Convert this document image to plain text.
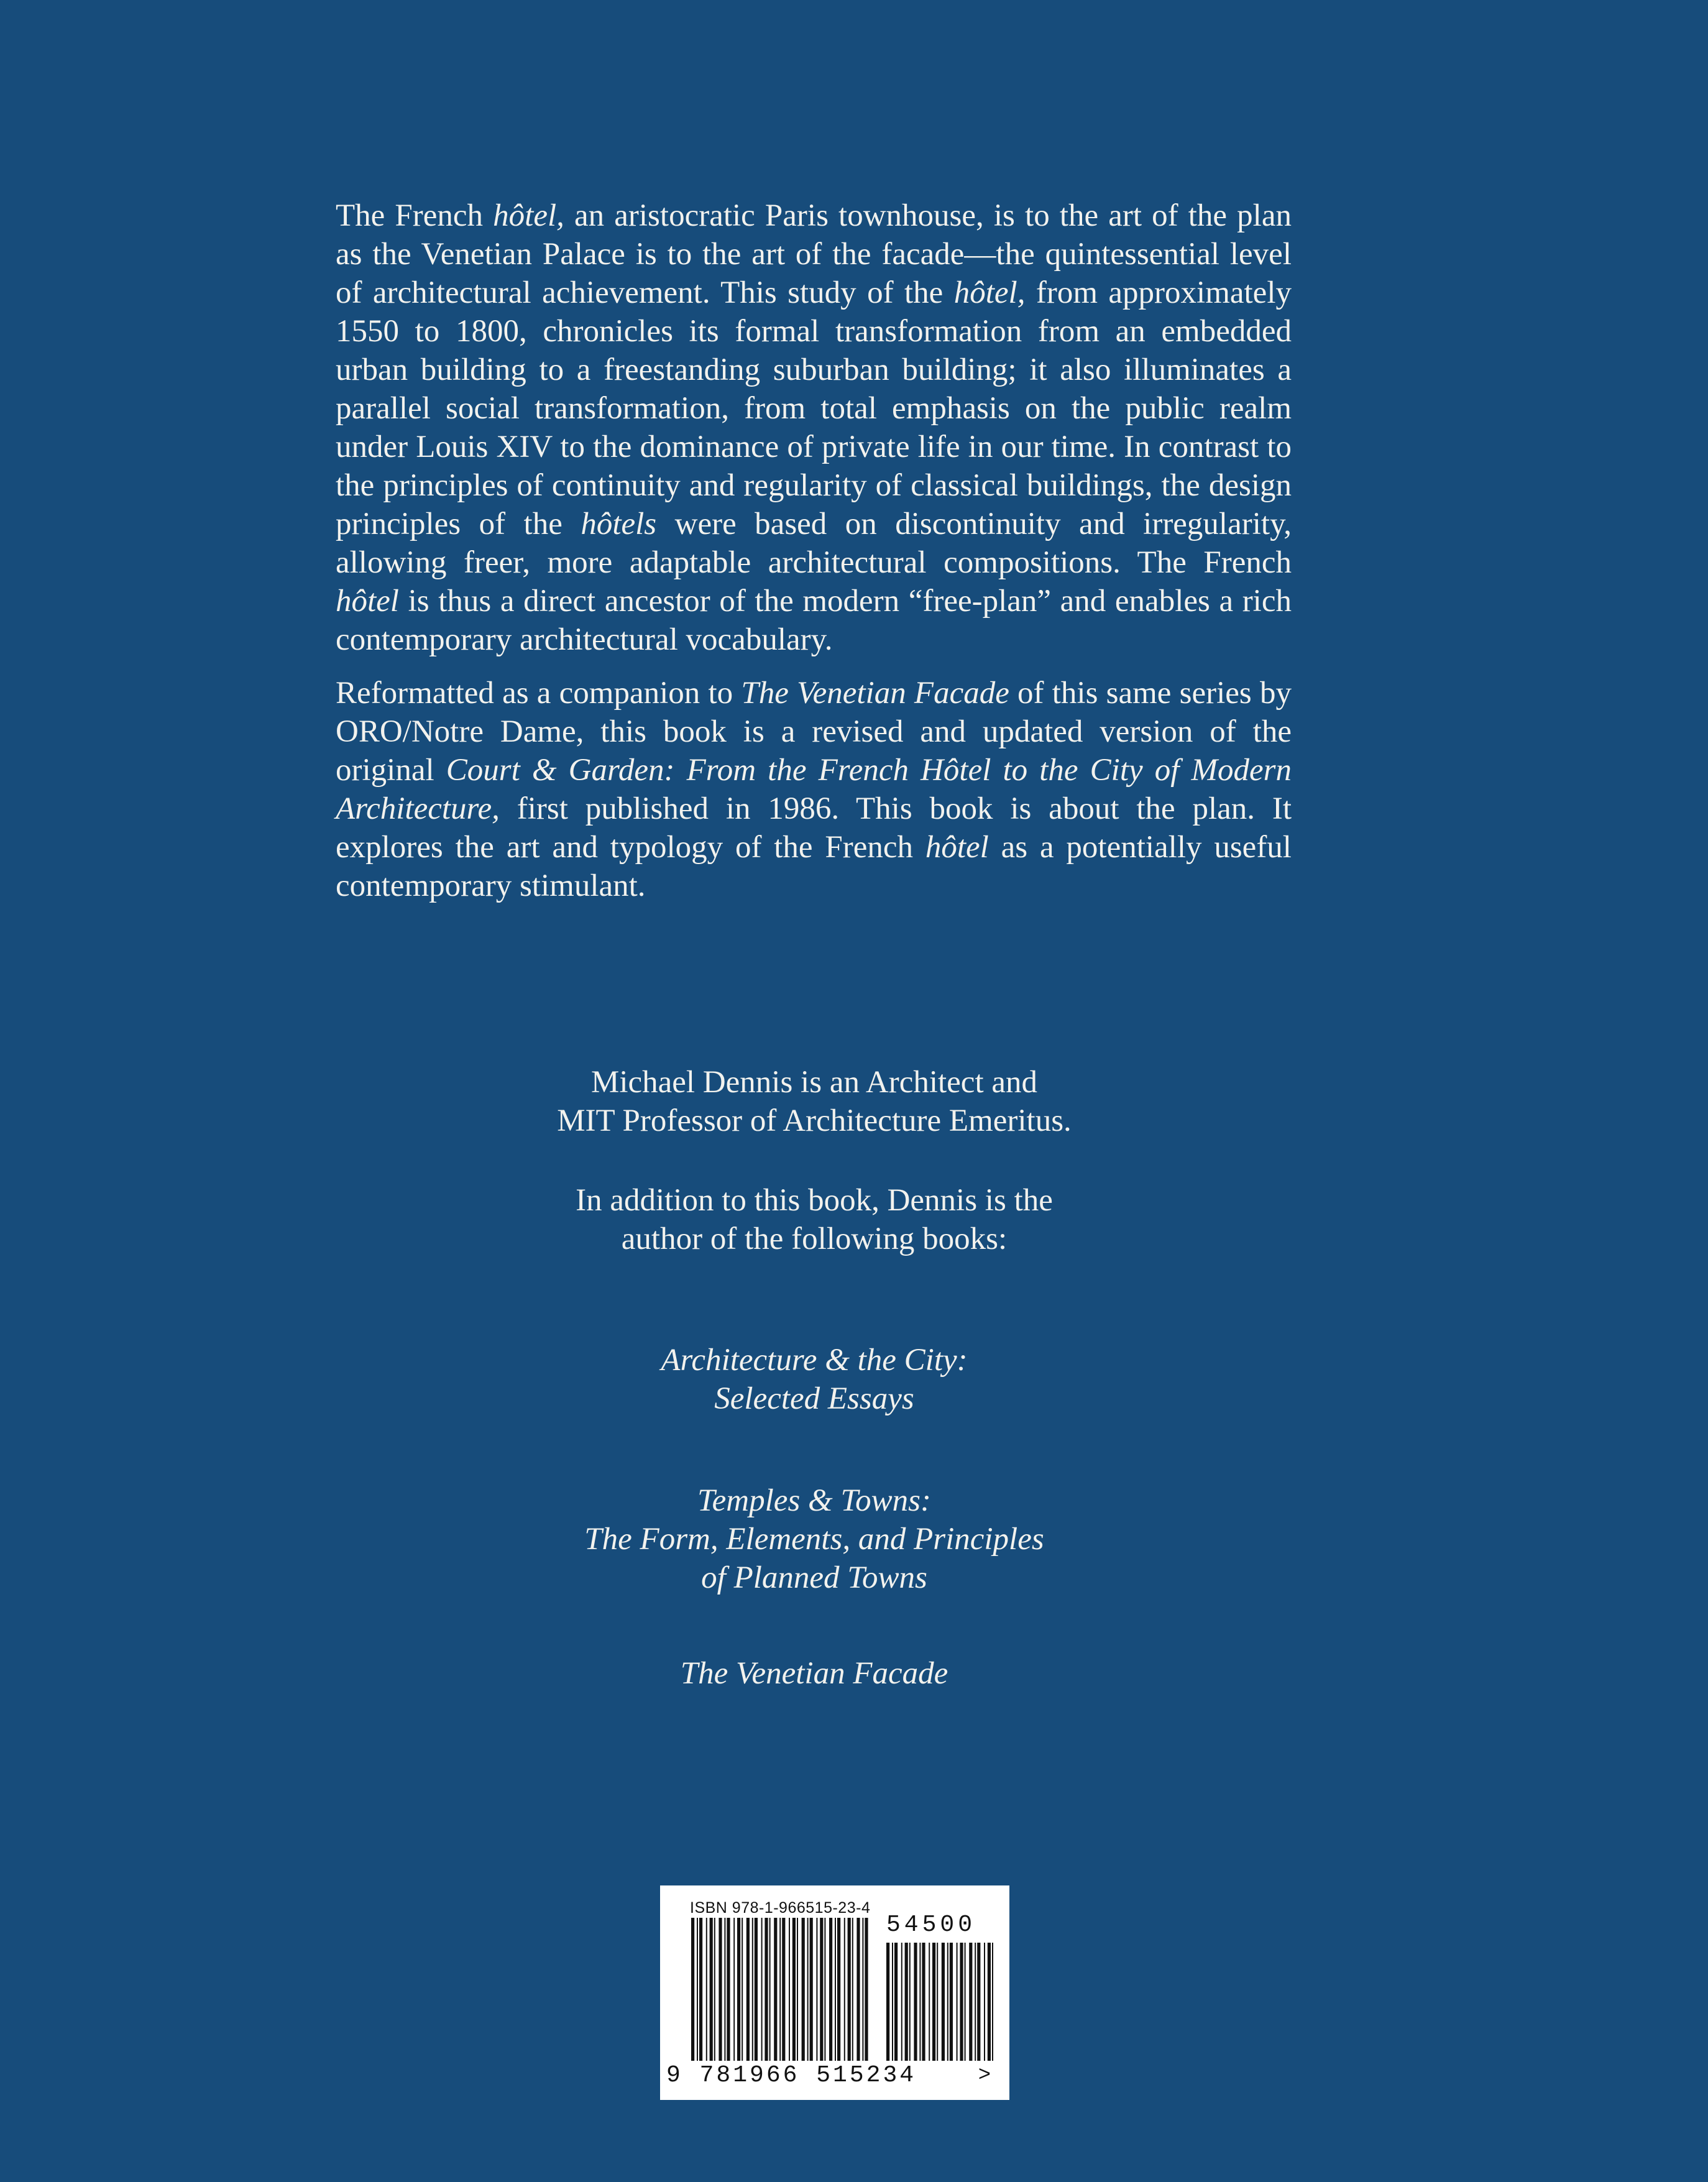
The French hôtel, an aristocratic Paris townhouse, is to the art of the plan as the Venetian Palace is to the art of the facade—the quintessential level of architectural achievement. This study of the hôtel, from approximately 1550 to 1800, chronicles its formal transformation from an embedded urban building to a freestanding suburban building; it also illuminates a parallel social transformation, from total emphasis on the public realm under Louis XIV to the dominance of private life in our time. In contrast to the principles of continuity and regularity of classical buildings, the design principles of the hôtels were based on discontinuity and irregularity, allowing freer, more adaptable architectural compositions. The French hôtel is thus a direct ancestor of the modern “free-plan” and enables a rich contemporary architectural vocabulary.

Reformatted as a companion to The Venetian Facade of this same series by ORO/Notre Dame, this book is a revised and updated version of the original Court & Garden: From the French Hôtel to the City of Modern Architecture, first published in 1986. This book is about the plan. It explores the art and typology of the French hôtel as a potentially useful contemporary stimulant.

Michael Dennis is an Architect and

MIT Professor of Architecture Emeritus.

In addition to this book, Dennis is the

author of the following books:

Architecture & the City:
Selected Essays
Temples & Towns:
The Form, Elements, and Principles
of Planned Towns
The Venetian Facade
ISBN 978-1-966515-23-4
54500
9 781966 515234	>
